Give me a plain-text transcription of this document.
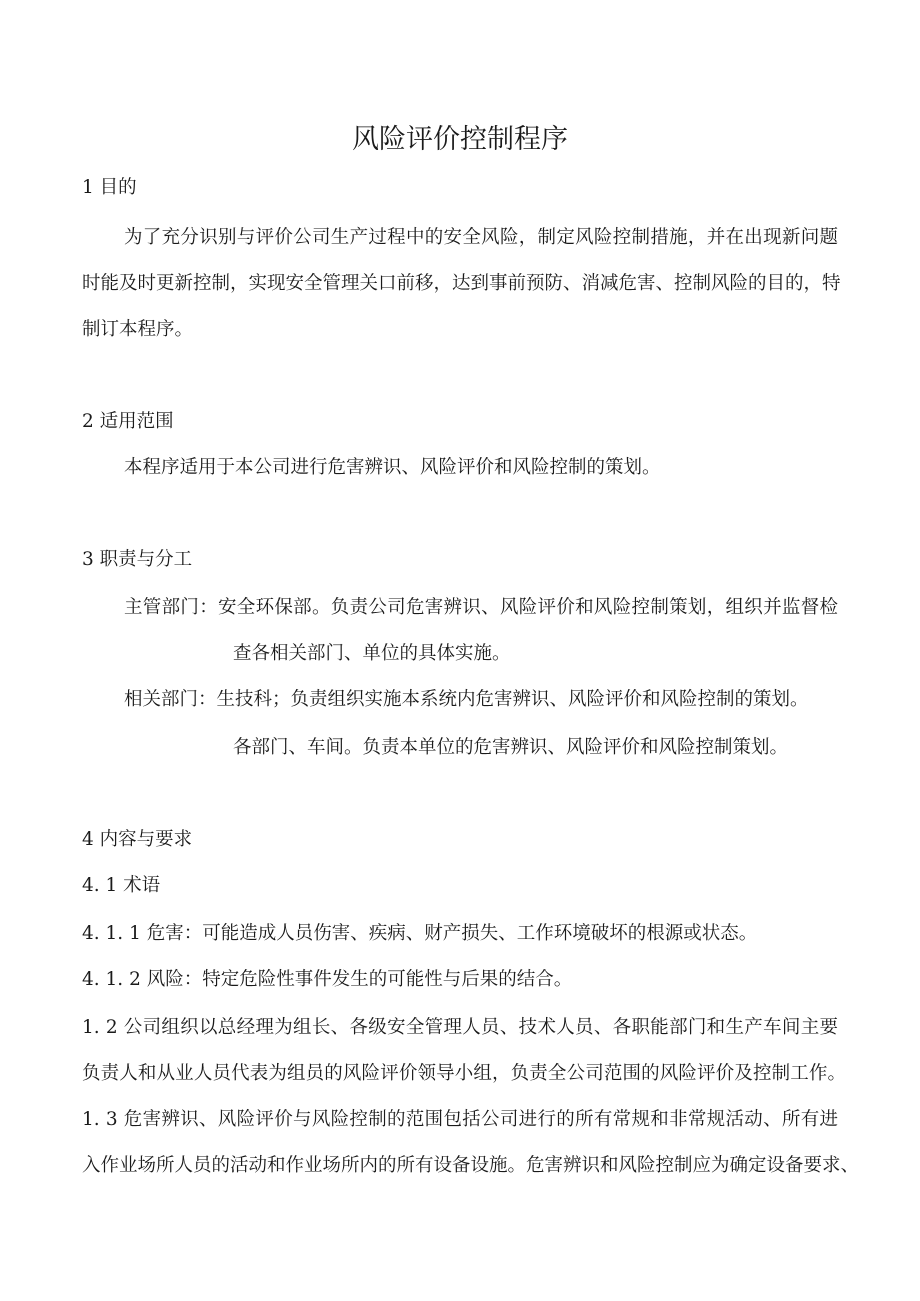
风险评价控制程序
1 目的
为了充分识别与评价公司生产过程中的安全风险，制定风险控制措施，并在出现新问题
时能及时更新控制，实现安全管理关口前移，达到事前预防、消减危害、控制风险的目的，特
制订本程序。
2 适用范围
本程序适用于本公司进行危害辨识、风险评价和风险控制的策划。
3 职责与分工
主管部门：安全环保部。负责公司危害辨识、风险评价和风险控制策划，组织并监督检
查各相关部门、单位的具体实施。
相关部门：生技科；负责组织实施本系统内危害辨识、风险评价和风险控制的策划。
各部门、车间。负责本单位的危害辨识、风险评价和风险控制策划。
4 内容与要求
4. 1 术语
4. 1. 1 危害：可能造成人员伤害、疾病、财产损失、工作环境破坏的根源或状态。
4. 1. 2 风险：特定危险性事件发生的可能性与后果的结合。
1. 2 公司组织以总经理为组长、各级安全管理人员、技术人员、各职能部门和生产车间主要
负责人和从业人员代表为组员的风险评价领导小组，负责全公司范围的风险评价及控制工作。
1. 3 危害辨识、风险评价与风险控制的范围包括公司进行的所有常规和非常规活动、所有进
入作业场所人员的活动和作业场所内的所有设备设施。危害辨识和风险控制应为确定设备要求、
